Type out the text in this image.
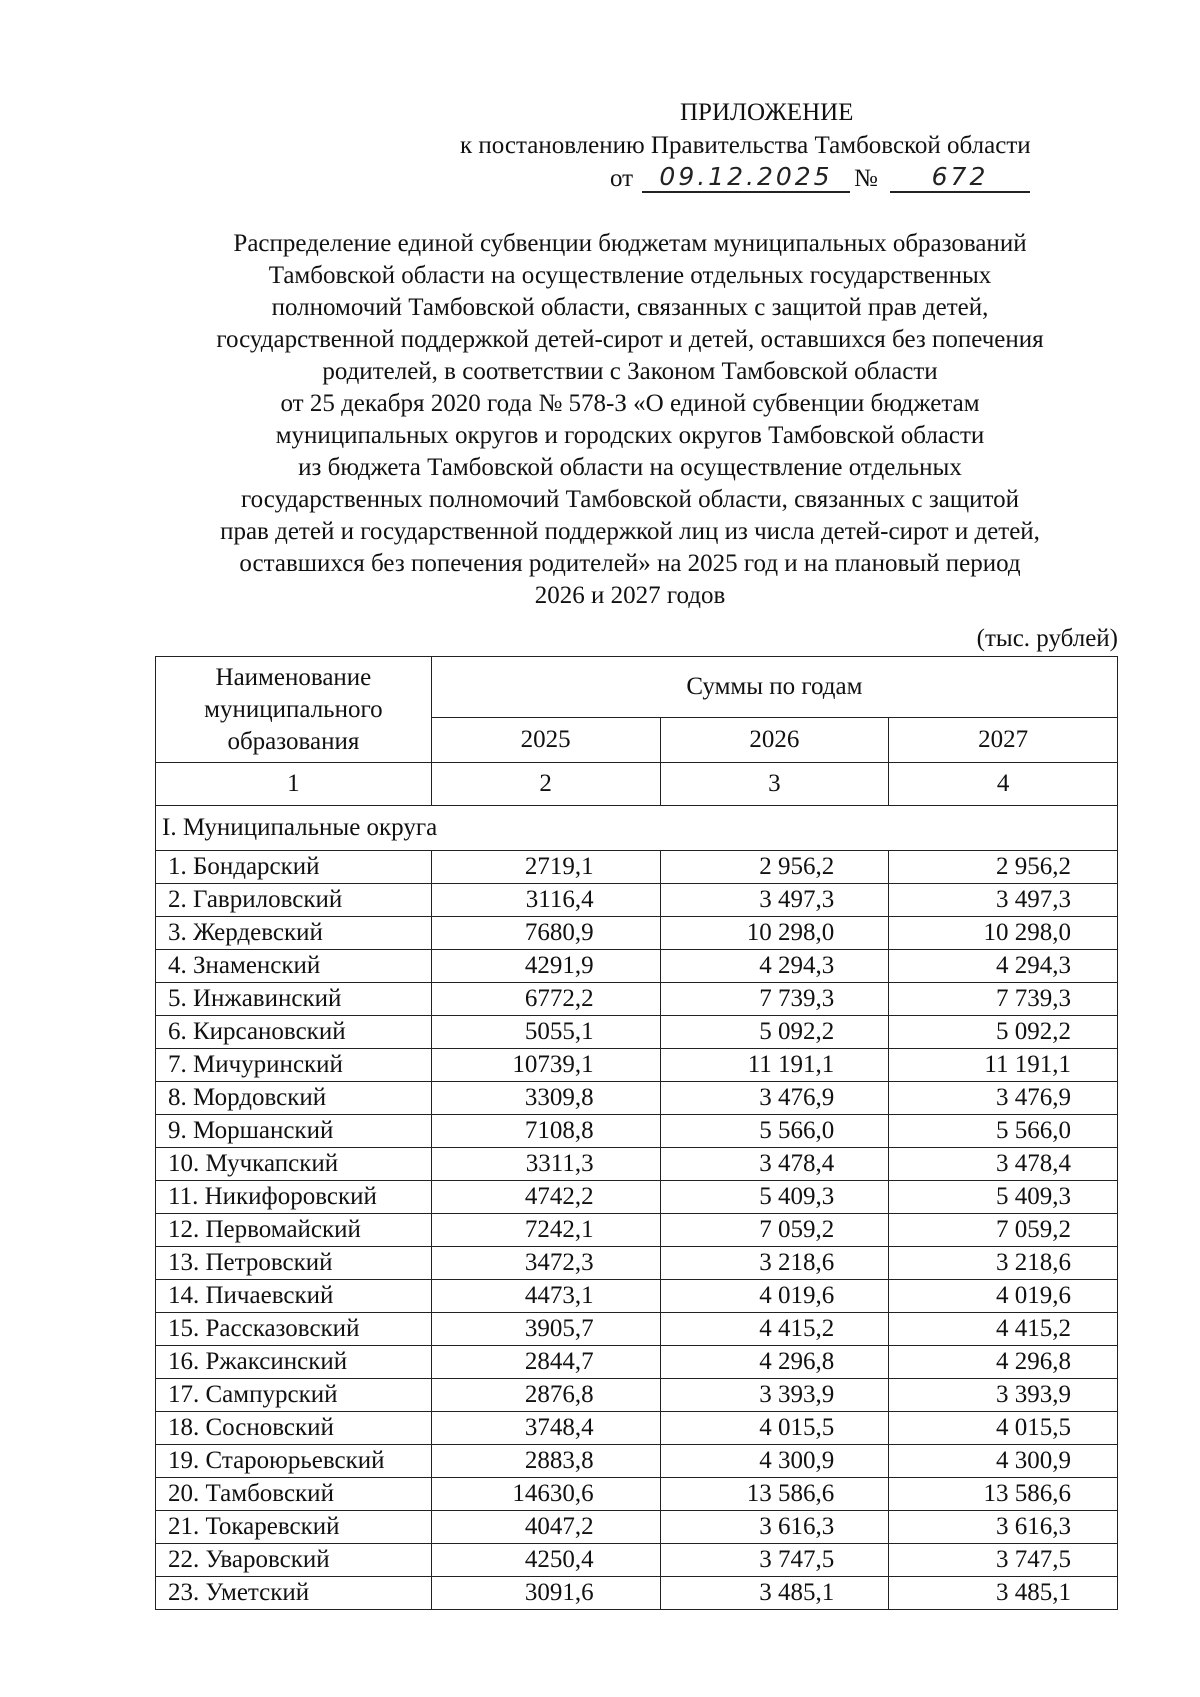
ПРИЛОЖЕНИЕ
к постановлению Правительства Тамбовской области
от	09.12.2025 №	672
Распределение единой субвенции бюджетам муниципальных образований
Тамбовской области на осуществление отдельных государственных
полномочий Тамбовской области, связанных с защитой прав детей,
государственной поддержкой детей-сирот и детей, оставшихся без попечения
родителей, в соответствии с Законом Тамбовской области
от 25 декабря 2020 года № 578-З «О единой субвенции бюджетам
муниципальных округов и городских округов Тамбовской области
из бюджета Тамбовской области на осуществление отдельных
государственных полномочий Тамбовской области, связанных с защитой
прав детей и государственной поддержкой лиц из числа детей-сирот и детей,
оставшихся без попечения родителей» на 2025 год и на плановый период
2026 и 2027 годов
(тыс. рублей)
Наименование муниципального образования	Суммы по годам		
	2025	2026	2027
1	2	3	4
I. Муниципальные округа			
1. Бондарский	2719,1	2 956,2	2 956,2
2. Гавриловский	3116,4	3 497,3	3 497,3
3. Жердевский	7680,9	10 298,0	10 298,0
4. Знаменский	4291,9	4 294,3	4 294,3
5. Инжавинский	6772,2	7 739,3	7 739,3
6. Кирсановский	5055,1	5 092,2	5 092,2
7. Мичуринский	10739,1	11 191,1	11 191,1
8. Мордовский	3309,8	3 476,9	3 476,9
9. Моршанский	7108,8	5 566,0	5 566,0
10. Мучкапский	3311,3	3 478,4	3 478,4
11. Никифоровский	4742,2	5 409,3	5 409,3
12. Первомайский	7242,1	7 059,2	7 059,2
13. Петровский	3472,3	3 218,6	3 218,6
14. Пичаевский	4473,1	4 019,6	4 019,6
15. Рассказовский	3905,7	4 415,2	4 415,2
16. Ржаксинский	2844,7	4 296,8	4 296,8
17. Сампурский	2876,8	3 393,9	3 393,9
18. Сосновский	3748,4	4 015,5	4 015,5
19. Староюрьевский	2883,8	4 300,9	4 300,9
20. Тамбовский	14630,6	13 586,6	13 586,6
21. Токаревский	4047,2	3 616,3	3 616,3
22. Уваровский	4250,4	3 747,5	3 747,5
23. Уметский	3091,6	3 485,1	3 485,1
